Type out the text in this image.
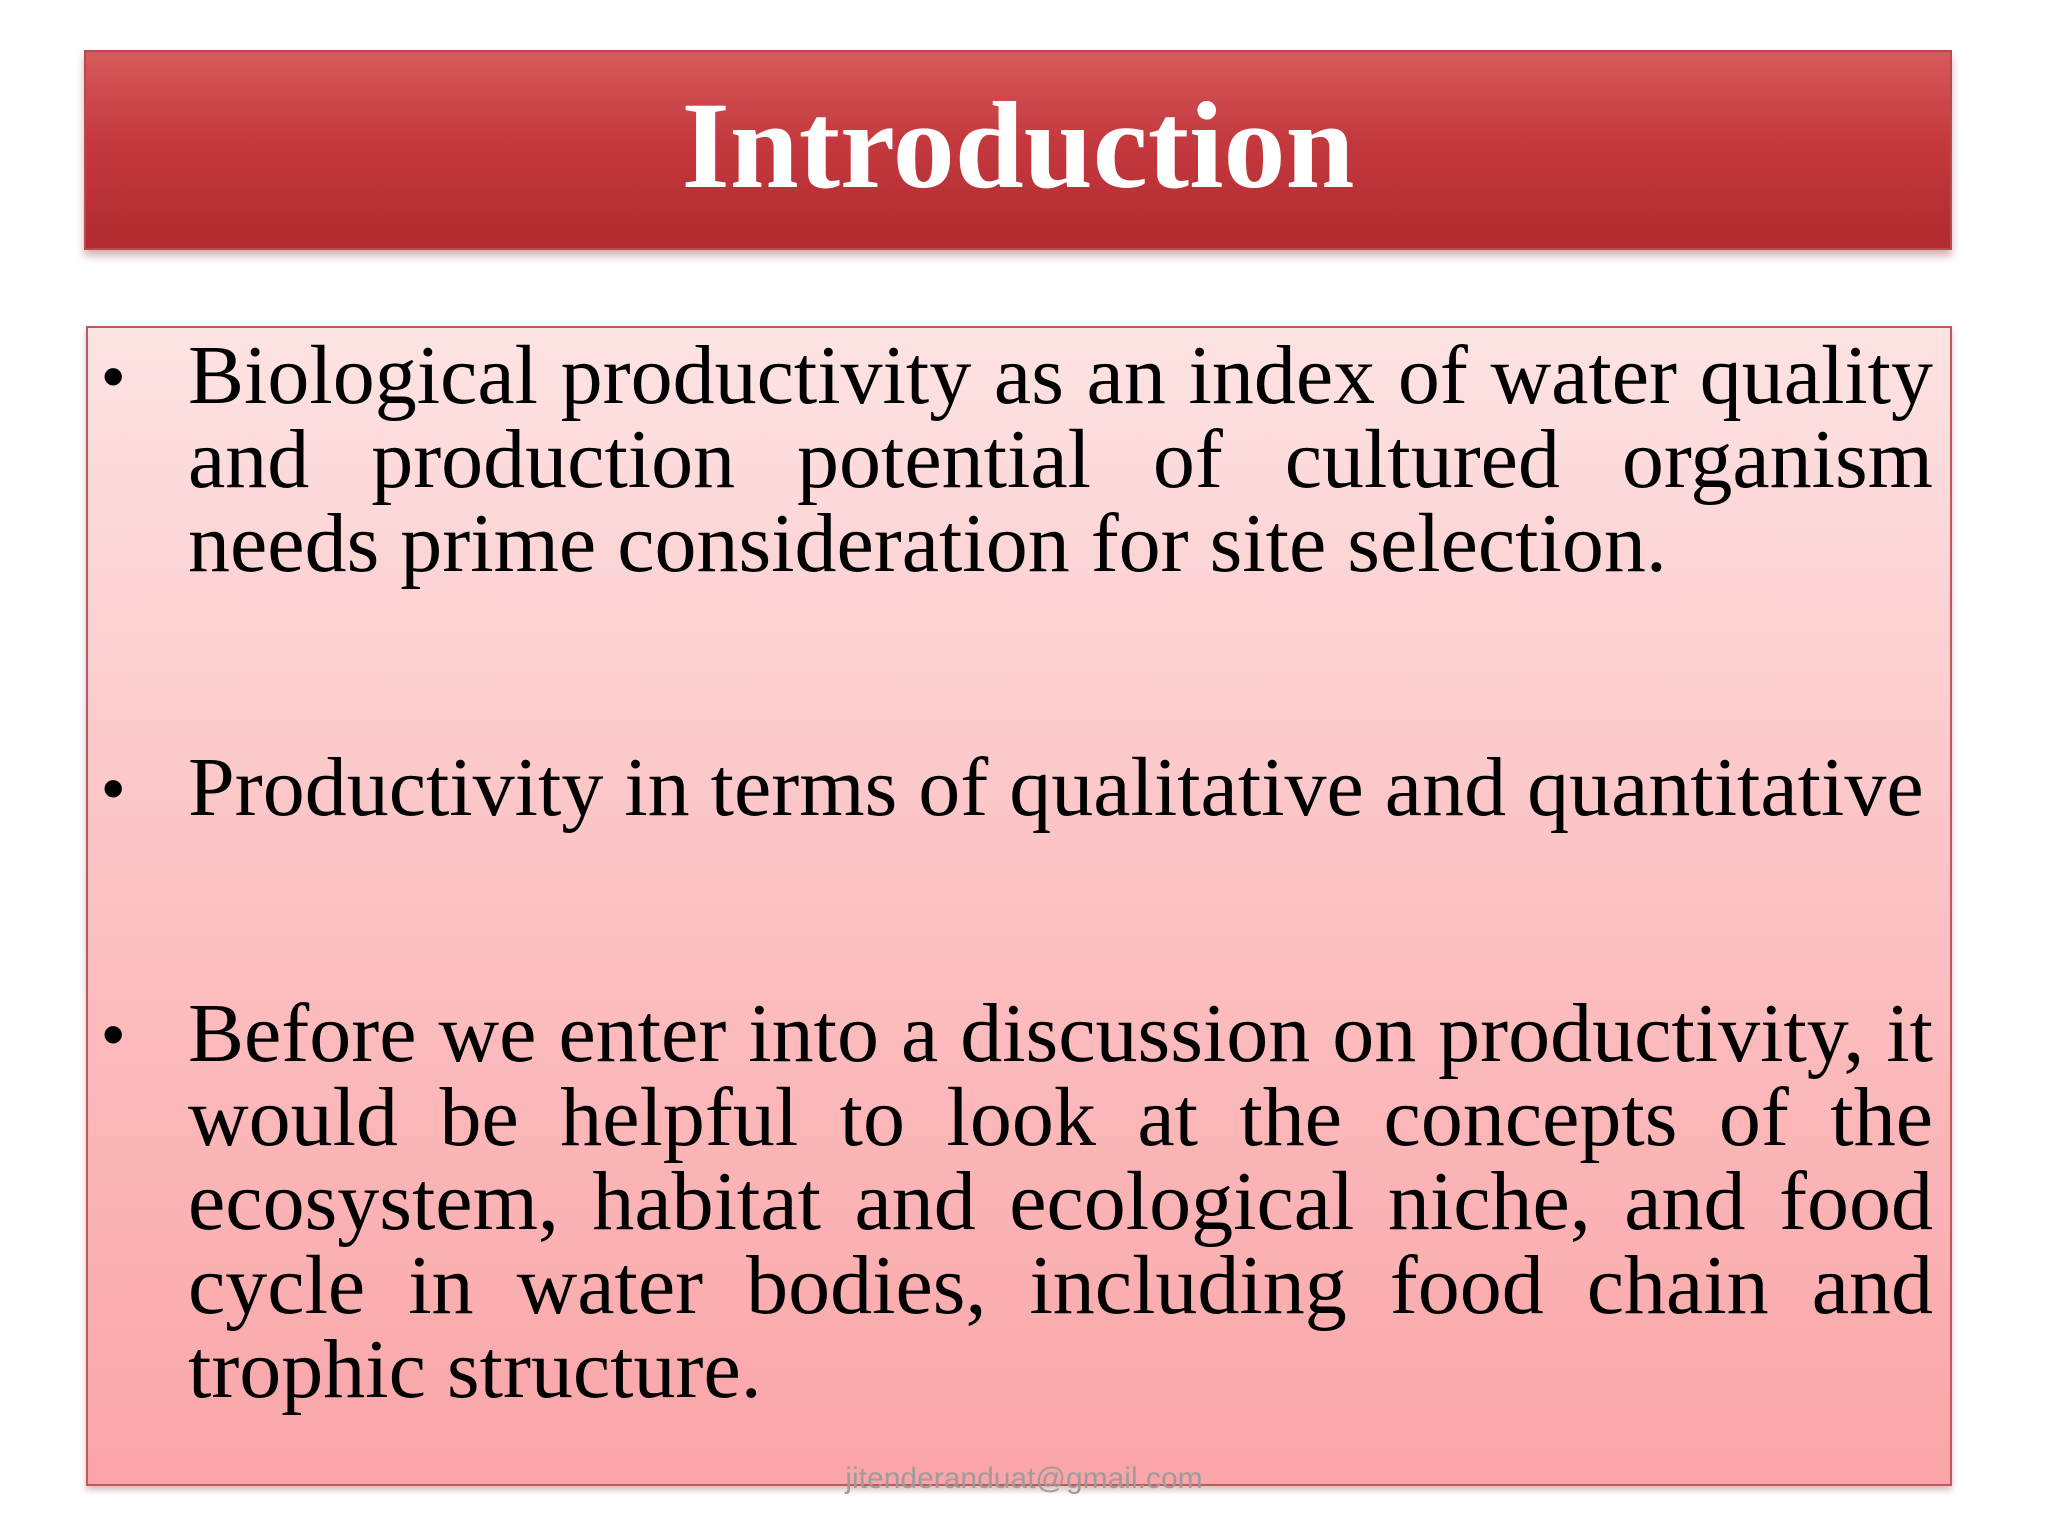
Introduction
• Biological productivity as an index of water quality and production potential of cultured organism needs prime consideration for site selection.
• Productivity in terms of qualitative and quantitative
• Before we enter into a discussion on productivity, it would be helpful to look at the concepts of the ecosystem, habitat and ecological niche, and food cycle in water bodies, including food chain and trophic structure.
jitenderanduat@gmail.com
